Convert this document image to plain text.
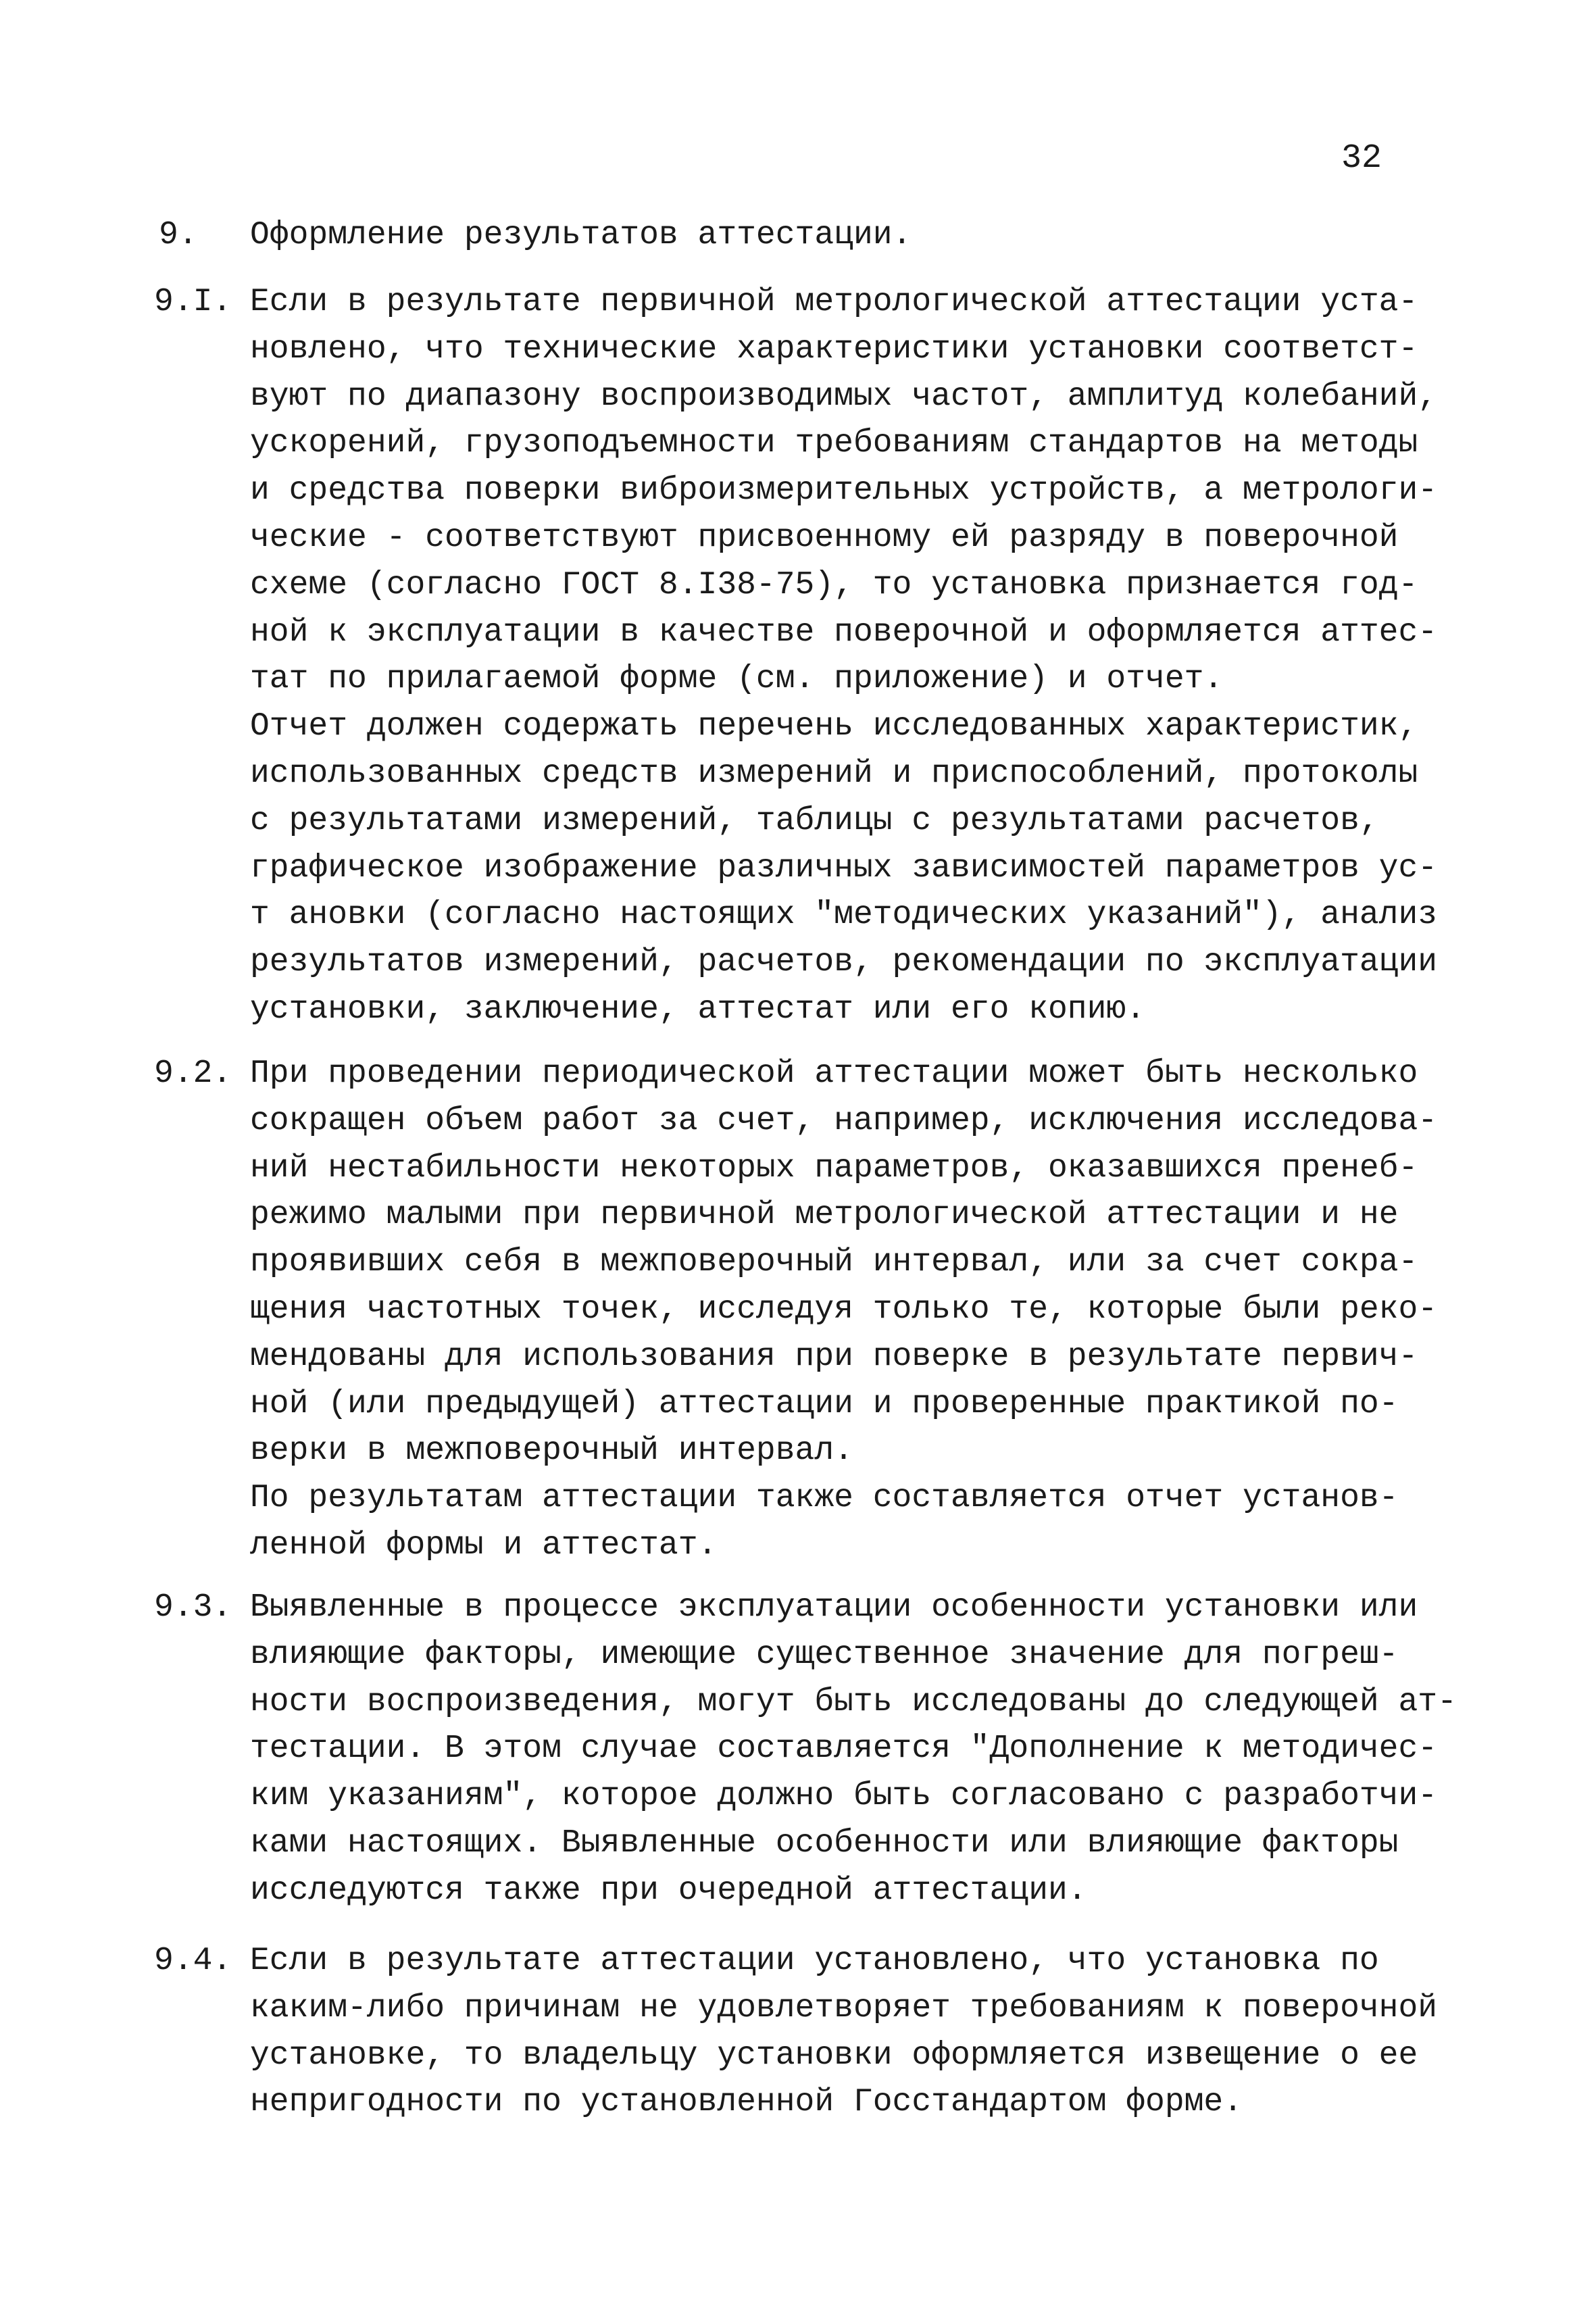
32
9. Оформление результатов аттестации.
9.I. Если в результате первичной метрологической аттестации уста-
новлено, что технические характеристики установки соответст-
вуют по диапазону воспроизводимых частот, амплитуд колебаний,
ускорений, грузоподъемности требованиям стандартов на методы
и средства поверки виброизмерительных устройств, а метрологи-
ческие - соответствуют присвоенному ей разряду в поверочной
схеме (согласно ГОСТ 8.I38-75), то установка признается год-
ной к эксплуатации в качестве поверочной и оформляется аттес-
тат по прилагаемой форме (см. приложение) и отчет.
Отчет должен содержать перечень исследованных характеристик,
использованных средств измерений и приспособлений, протоколы
с результатами измерений, таблицы с результатами расчетов,
графическое изображение различных зависимостей параметров ус-
т ановки (согласно настоящих "методических указаний"), анализ
результатов измерений, расчетов, рекомендации по эксплуатации
установки, заключение, аттестат или его копию.
9.2. При проведении периодической аттестации может быть несколько
сокращен объем работ за счет, например, исключения исследова-
ний нестабильности некоторых параметров, оказавшихся пренеб-
режимо малыми при первичной метрологической аттестации и не
проявивших себя в межповерочный интервал, или за счет сокра-
щения частотных точек, исследуя только те, которые были реко-
мендованы для использования при поверке в результате первич-
ной (или предыдущей) аттестации и проверенные практикой по-
верки в межповерочный интервал.
По результатам аттестации также составляется отчет установ-
ленной формы и аттестат.
9.3. Выявленные в процессе эксплуатации особенности установки или
влияющие факторы, имеющие существенное значение для погреш-
ности воспроизведения, могут быть исследованы до следующей ат-
тестации. В этом случае составляется "Дополнение к методичес-
ким указаниям", которое должно быть согласовано с разработчи-
ками настоящих. Выявленные особенности или влияющие факторы
исследуются также при очередной аттестации.
9.4. Если в результате аттестации установлено, что установка по
каким-либо причинам не удовлетворяет требованиям к поверочной
установке, то владельцу установки оформляется извещение о ее
непригодности по установленной Госстандартом форме.
